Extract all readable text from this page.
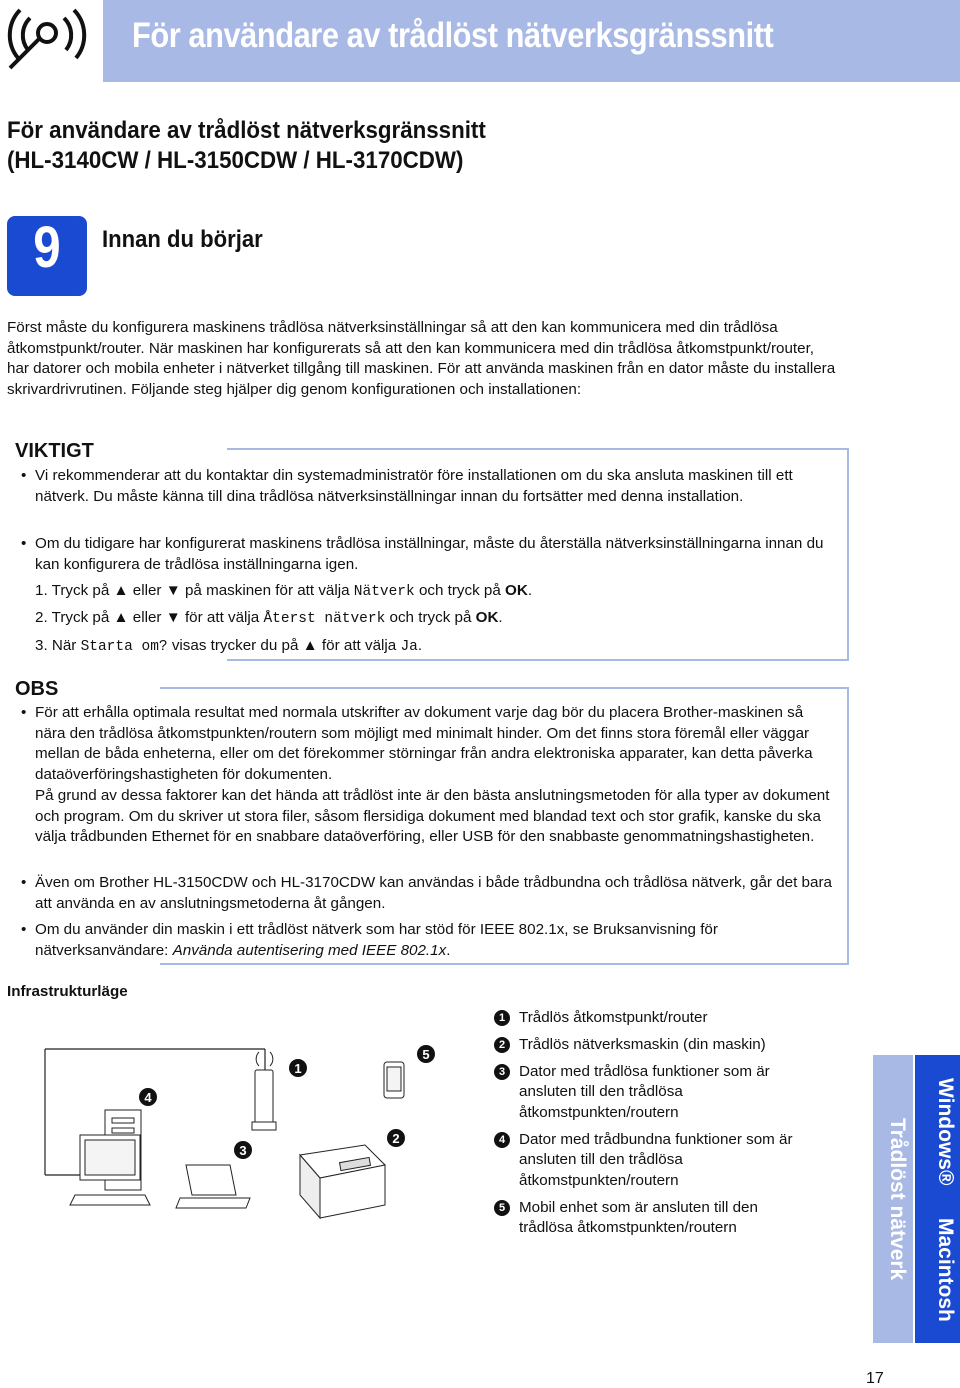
För användare av trådlöst nätverksgränssnitt
För användare av trådlöst nätverksgränssnitt
(HL-3140CW / HL-3150CDW / HL-3170CDW)
9	Innan du börjar
Först måste du konfigurera maskinens trådlösa nätverksinställningar så att den kan kommunicera med din trådlösa åtkomstpunkt/router. När maskinen har konfigurerats så att den kan kommunicera med din trådlösa åtkomstpunkt/router, har datorer och mobila enheter i nätverket tillgång till maskinen. För att använda maskinen från en dator måste du installera skrivardrivrutinen. Följande steg hjälper dig genom konfigurationen och installationen:
VIKTIGT
• Vi rekommenderar att du kontaktar din systemadministratör före installationen om du ska ansluta maskinen till ett nätverk. Du måste känna till dina trådlösa nätverksinställningar innan du fortsätter med denna installation.
• Om du tidigare har konfigurerat maskinens trådlösa inställningar, måste du återställa nätverksinställningarna innan du kan konfigurera de trådlösa inställningarna igen.
1. Tryck på ▲ eller ▼ på maskinen för att välja Nätverk och tryck på OK.
2. Tryck på ▲ eller ▼ för att välja Återst nätverk och tryck på OK.
3. När Starta om? visas trycker du på ▲ för att välja Ja.
OBS
• För att erhålla optimala resultat med normala utskrifter av dokument varje dag bör du placera Brother-maskinen så nära den trådlösa åtkomstpunkten/routern som möjligt med minimalt hinder. Om det finns stora föremål eller väggar mellan de båda enheterna, eller om det förekommer störningar från andra elektroniska apparater, kan detta påverka dataöverföringshastigheten för dokumenten.
På grund av dessa faktorer kan det hända att trådlöst inte är den bästa anslutningsmetoden för alla typer av dokument och program. Om du skriver ut stora filer, såsom flersidiga dokument med blandad text och stor grafik, kanske du ska välja trådbunden Ethernet för en snabbare dataöverföring, eller USB för den snabbaste genommatningshastigheten.
• Även om Brother HL-3150CDW och HL-3170CDW kan användas i både trådbundna och trådlösa nätverk, går det bara att använda en av anslutningsmetoderna åt gången.
• Om du använder din maskin i ett trådlöst nätverk som har stöd för IEEE 802.1x, se Bruksanvisning för nätverksanvändare: Använda autentisering med IEEE 802.1x.
Infrastrukturläge
4
3
1
2
5
1 Trådlös åtkomstpunkt/router
2 Trådlös nätverksmaskin (din maskin)
3 Dator med trådlösa funktioner som är ansluten till den trådlösa åtkomstpunkten/routern
4 Dator med trådbundna funktioner som är ansluten till den trådlösa åtkomstpunkten/routern
5 Mobil enhet som är ansluten till den trådlösa åtkomstpunkten/routern
Windows®
Macintosh
Trådlöst nätverk
17
